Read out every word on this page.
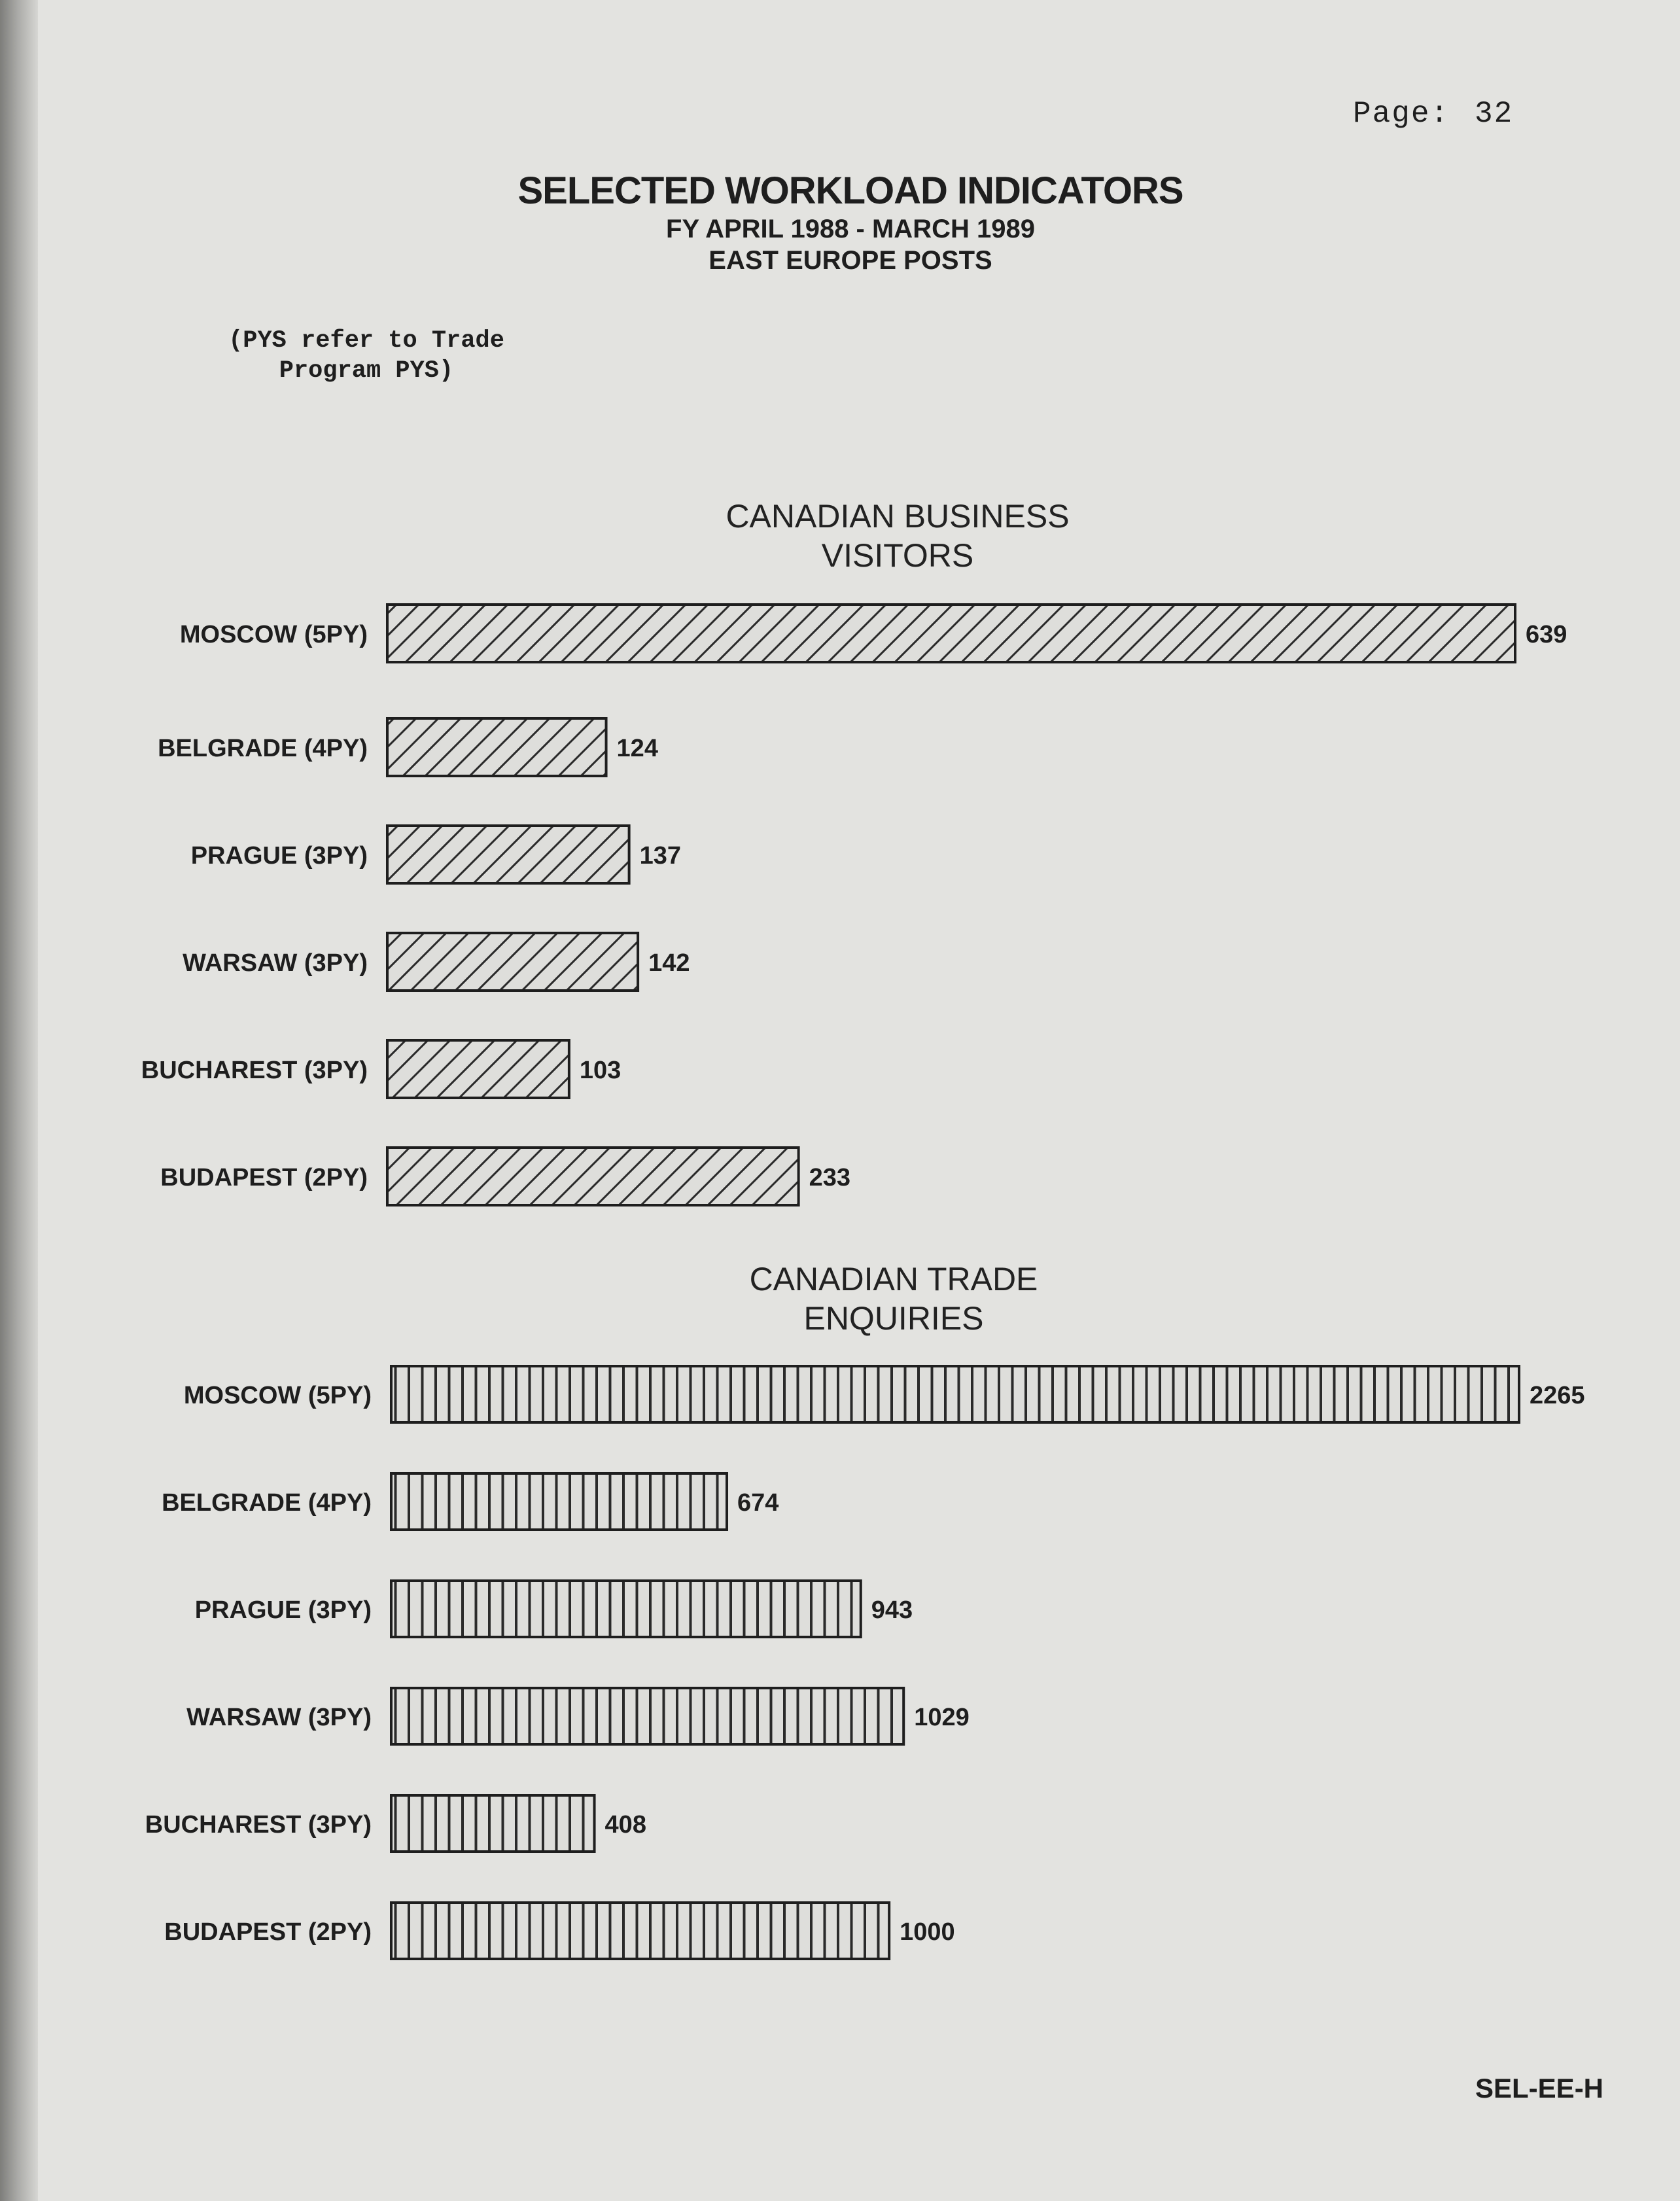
Page: 32
SELECTED WORKLOAD INDICATORS
FY APRIL 1988 - MARCH 1989
EAST EUROPE POSTS
(PYS refer to Trade
Program PYS)
CANADIAN BUSINESS
VISITORS
MOSCOW (5PY)	639
BELGRADE (4PY)	124
PRAGUE (3PY)	137
WARSAW (3PY)	142
BUCHAREST (3PY)	103
BUDAPEST (2PY)	233
CANADIAN TRADE
ENQUIRIES
MOSCOW (5PY)	2265
BELGRADE (4PY)	674
PRAGUE (3PY)	943
WARSAW (3PY)	1029
BUCHAREST (3PY)	408
BUDAPEST (2PY)	1000
SEL-EE-H
